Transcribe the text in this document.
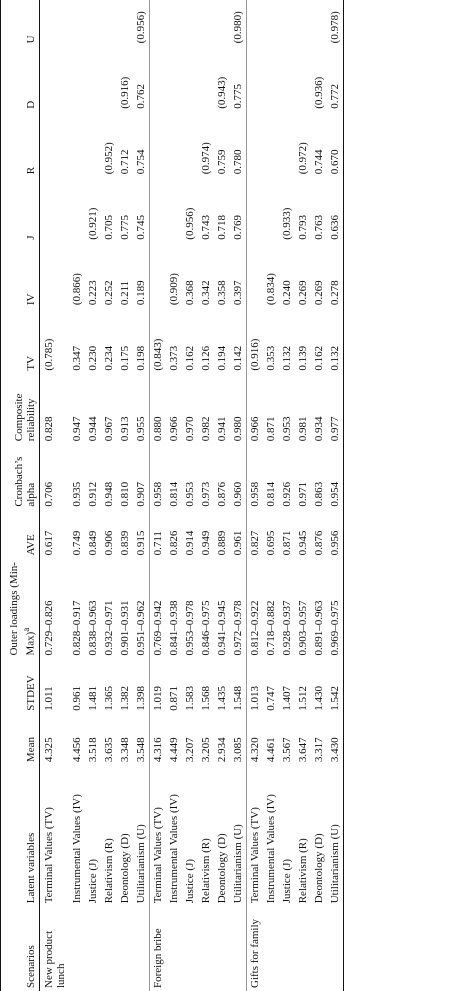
Scenarios	Latent variables	Mean	STDEV	Outer loadings $(Min-Max)^a$	AVE	Cronbach’s alpha	Composite reliability	TV	IV	J	R	D	U
New product lunch	Terminal Values (TV)	4.325	1.011	0.729–0.826	0.617	0.706	0.828	(0.785)					
	Instrumental Values (IV)	4.456	0.961	0.828–0.917	0.749	0.935	0.947	0.347	(0.866)				
	Justice (J)	3.518	1.481	0.838–0.963	0.849	0.912	0.944	0.230	0.223	(0.921)			
	Relativism (R)	3.635	1.365	0.932–0.971	0.906	0.948	0.967	0.234	0.252	0.705	(0.952)		
	Deontology (D)	3.348	1.382	0.901–0.931	0.839	0.810	0.913	0.175	0.211	0.775	0.712	(0.916)	
	Utilitarianism (U)	3.548	1.398	0.951–0.962	0.915	0.907	0.955	0.198	0.189	0.745	0.754	0.762	(0.956)
Foreign bribe	Terminal Values (TV)	4.316	1.019	0.769–0.942	0.711	0.958	0.880	(0.843)					
	Instrumental Values (IV)	4.449	0.871	0.841–0.938	0.826	0.814	0.966	0.373	(0.909)				
	Justice (J)	3.207	1.583	0.953–0.978	0.914	0.953	0.970	0.162	0.368	(0.956)			
	Relativism (R)	3.205	1.568	0.846–0.975	0.949	0.973	0.982	0.126	0.342	0.743	(0.974)		
	Deontology (D)	2.934	1.435	0.941–0.945	0.889	0.876	0.941	0.194	0.358	0.718	0.759	(0.943)	
	Utilitarianism (U)	3.085	1.548	0.972–0.978	0.961	0.960	0.980	0.142	0.397	0.769	0.780	0.775	(0.980)
Gifts for family	Terminal Values (TV)	4.320	1.013	0.812–0.922	0.827	0.958	0.966	(0.916)					
	Instrumental Values (IV)	4.461	0.747	0.718–0.882	0.695	0.814	0.871	0.353	(0.834)				
	Justice (J)	3.567	1.407	0.928–0.937	0.871	0.926	0.953	0.132	0.240	(0.933)			
	Relativism (R)	3.647	1.512	0.903–0.957	0.945	0.971	0.981	0.139	0.269	0.793	(0.972)		
	Deontology (D)	3.317	1.430	0.891–0.963	0.876	0.863	0.934	0.162	0.269	0.763	0.744	(0.936)	
	Utilitarianism (U)	3.430	1.542	0.969–0.975	0.956	0.954	0.977	0.132	0.278	0.636	0.670	0.772	(0.978)
